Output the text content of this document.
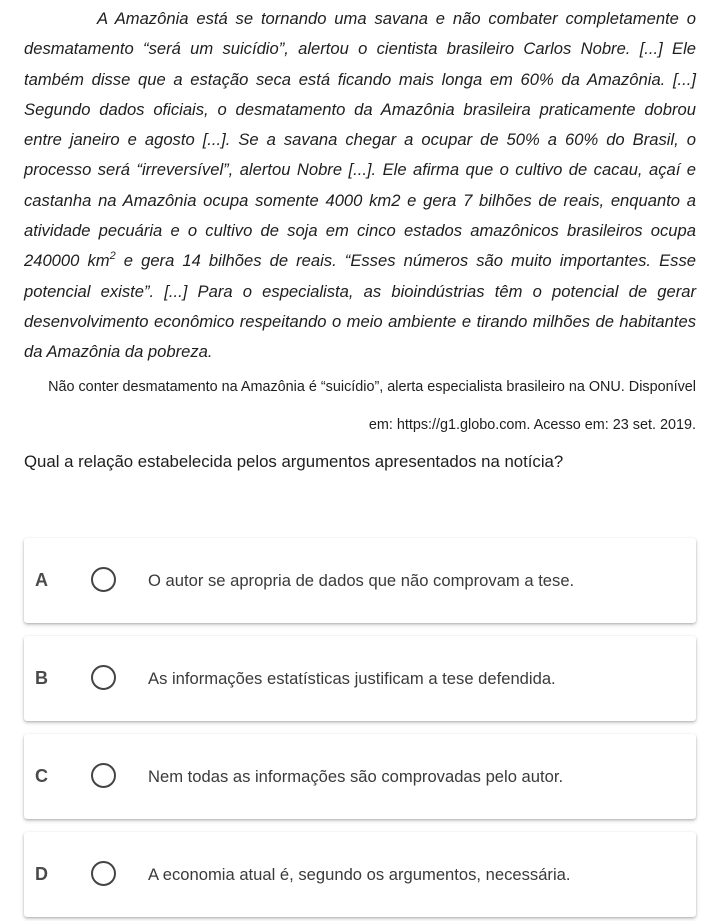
A Amazônia está se tornando uma savana e não combater completamente o desmatamento “será um suicídio”, alertou o cientista brasileiro Carlos Nobre. [...] Ele também disse que a estação seca está ficando mais longa em 60% da Amazônia. [...] Segundo dados oficiais, o desmatamento da Amazônia brasileira praticamente dobrou entre janeiro e agosto [...]. Se a savana chegar a ocupar de 50% a 60% do Brasil, o processo será “irreversível”, alertou Nobre [...]. Ele afirma que o cultivo de cacau, açaí e castanha na Amazônia ocupa somente 4000 km2 e gera 7 bilhões de reais, enquanto a atividade pecuária e o cultivo de soja em cinco estados amazônicos brasileiros ocupa 240000 $km^2$ e gera 14 bilhões de reais. “Esses números são muito importantes. Esse potencial existe”. [...] Para o especialista, as bioindústrias têm o potencial de gerar desenvolvimento econômico respeitando o meio ambiente e tirando milhões de habitantes da Amazônia da pobreza.
Não conter desmatamento na Amazônia é “suicídio”, alerta especialista brasileiro na ONU. Disponível
em: https://g1.globo.com. Acesso em: 23 set. 2019.
Qual a relação estabelecida pelos argumentos apresentados na notícia?
A	O autor se apropria de dados que não comprovam a tese.
B	As informações estatísticas justificam a tese defendida.
C	Nem todas as informações são comprovadas pelo autor.
D	A economia atual é, segundo os argumentos, necessária.
